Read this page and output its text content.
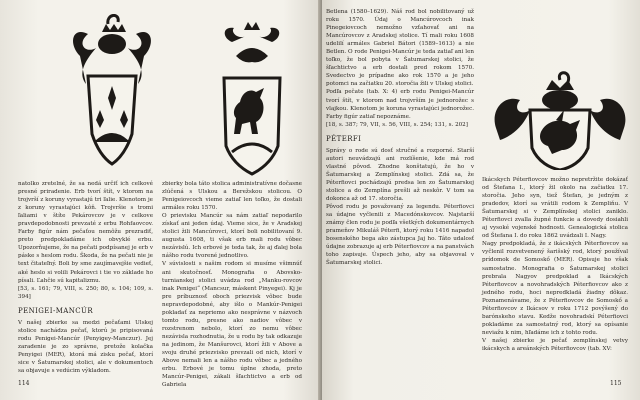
natolko zretelné, že sa nedá určiť ich celkové presné priradenie. Erb tvorí štít, v ktorom na trojvrší z koruny vyrastajú tri ľalie. Klenotom je z koruny vyrastajúci kôň. Trojvršie s tromi ľaliami v štíte Pekárovcov je v celkove pravdepodobnosti prevzaté z erbu Rohfaovcov. Farby figúr nám pečaťou nemôžu prezradiť, preto predpokladáme ich obvyklé erbu. Upozorňujeme, že na pečati podpísanej je erb v páske s heslom rodu. Škoda, že na pečati nie je text čitateľný. Boli by sme zaujímavejšie vedieť, aké heslo si volili Pekárovci i tie vo základe ho písali. Ľahčie sú kapitalizmu.

[53, s. 161; 79, VIII, s. 250; 80, s. 104; 109, s. 394]

PENIGEI-MANCÚR

V našej zbierke sa medzi pečaťami Ulskej stolice nachádza pečať, ktorú je pripisovaná rodu Penigei-Mancúr (Penyigey-Manczur). Jej zaradenie je zo správne, pretože kolačka Penyigei (MER), ktorá má zisku pečať, ktorí sice v Šatumarskej stolici, ale v dokumentoch sa objavuje s vedúcim výkladom.

zbierky bola táto stolica administratívne dočasne zlúčená s Ulskou a Berežskou stolicou. O Penigeiovcoch vieme zatiaľ len toľko, že dostali armáles roku 1570.

O prievisku Mancúr sa nám zatiaľ nepodarilo získať ani jeden údaj. Vieme sice, že v Aradskej stolici žili Mancúrovci, ktorí boli nobilitovaní 9. augusta 1608, ti však erb mali rodu vôbec nezávislú. Ich erbové je teda tak, že aj ďalej bola nášho rodu tvorené jednotlivo.

V súvislosti s našim rodom si musíme všimnúť ani skutočnosť. Monografia o Abovsko-turnianskej stolici uvádza rod „Manku-rovcov inak Penigei“ (Mancsur, máskent Pinyegei). Kj je pre príbuznosť oboch priezvisk vôbec bude nepravdepodobné, aby išlo o Mankúr-Penigei pokladať za nepriemo ako nesprávne v názvoch tomto rodu, presne ako nadiov vôbec v rozstrenom nebolo, ktorí zo nemu vôbec nezávisla rozhodnutia, že u rodu by tak odkazuje na jedinom, že Manšurovci, ktorí žili v Above a svoju druhé priezvisko prevzali od nich, ktorí v Above nemali len a nášho rodu vôbec a jedného erbu. Erbové je tomu úplne zhoda, preto Mancúr-Penigei, zákali šľachtictvo a erb od Gabriela

114

Betlena (1580–1629). Náš rod bol nobilitovaný už roku 1570. Údaj o Mancúrovcoch inak Pinegeiovcoch nemožno vzťahovať ani na Mancúrovcov z Aradskej stolice. Tí mali roku 1608 udelilí armáles Gabriel Bátori (1589–1613) a nie Betlen. O rode Penigei-Mancúr je teda zatiaľ ani len toľko, že bol pobyta v Šatumarskej stolici, že šľachtictvo a erb dostali pred rokom 1570. Svedectvo je prípadne ako rok 1570 a je jeho potomci na začiatku 20. storočia žili v Ulskej stolici.

Podľa pečate (tab. X: 4) erb rodu Penigei-Mancúr tvorí štít, v ktorom nad trojvrším je jednorožec s vlajkou. Klenotom je koruna vyrastajúci jednorožec. Farby figúr zatiaľ nepoznáme.

[18, s. 387; 79, VII, s. 56, VIII, s. 254; 131, s. 202]

PÉTERFI

Správy o rode sú dosť stručné a rozporné. Starší autori neuvádzajú ani rozlíšenie, kde má rod vlastné pôvod. Zhodne konštatujú, že ho v Šatumarskej a Zemplínskej stolici. Zdá sa, že Péterfiovci pochádzajú predsa len zo Šatumarskej stolice a do Zemplína prešli až neskôr. V tom sa dokonca až od 17. storočia.

Pôvod rodu je považovaný za legendu. Péterfiovci sa údajne vyčlenili z Macedónskovcov. Najstarší známy člen rodu je podľa všetkých dokumentárnych prameňov Mikuláš Péterfi, ktorý roku 1416 napadol bosenského bega ako zástupca Jaj ho. Táto udalosť údajne zobrazuje aj erb Péterfiovcov a na panstvách toho zapisuje. Úspech jeho, aby sa objavoval v Šatumarskej stolici.

Ikácskych Péterfiovcov možno nepretržite dokázať od Štefana I., ktorý žil okolo na začiatku 17. storočia. Jeho syn, tiež Štefan, je jedným z pradedov, ktorí sa vrátili rodom k Zempliňu. V Šatumarskej si v Zemplínskej stolici zaniklo. Péterfiovci zvalla župné funkcie a dovedy dosiahli aj vysoké vojenské hodnosti. Genealogická stolica od Štefana I. do roku 1862 uvádzali I. Nagy.

Nagy predpokladá, že z ikácských Péterfiovcov sa vyčlenil rozvetvenený šarišský rod, ktorý používal prídomok de Somoskő (MER). Opisuje ho však samostatne. Monografia o Šatumarskej stolici prebrala Nagyov predpoklad a Ikácských Péterfiovcov a novohradských Péterfiovcov ako z jedného rodu, hoci nepredkladá žiadny dôkaz. Poznamenávame, že z Péterfiovcov de Somoskő a Péterfiovcov z Ikácsov v roku 1712 povýšený do barónskeho stavu. Kedže novohradskí Péterfiovci pokladáme za samostatný rod, ktorý sa opísanie neviažu k nim, hľadáme ich z tohto rodu.

V našej zbierke je pečať zemplínskej vetvy ikácskych a areánských Péterfiovcov (tab. XV:

115
